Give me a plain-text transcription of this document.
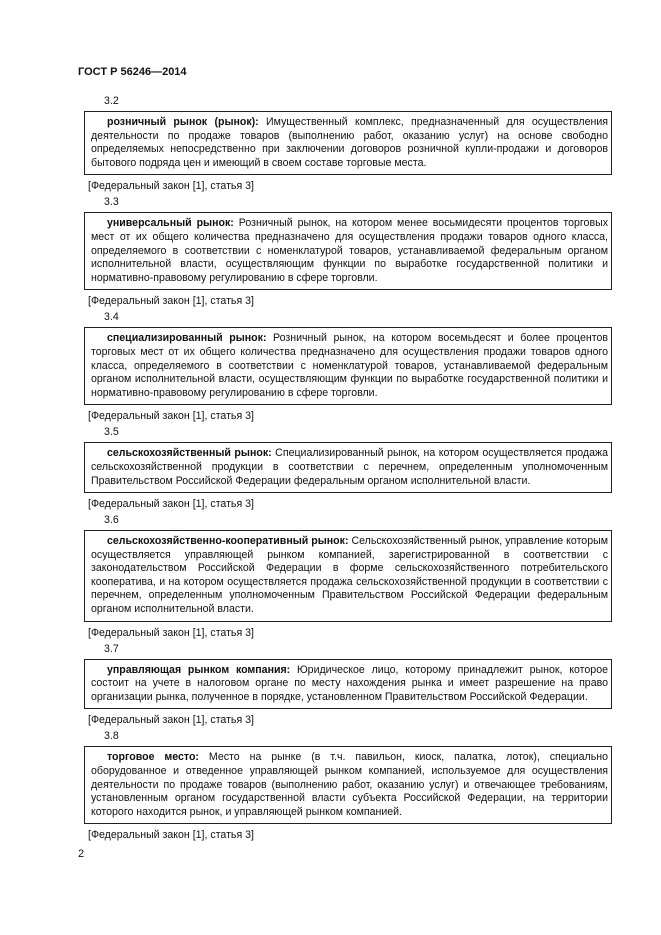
ГОСТ Р 56246—2014
3.2
розничный рынок (рынок): Имущественный комплекс, предназначенный для осуществления деятельности по продаже товаров (выполнению работ, оказанию услуг) на основе свободно определяемых непосредственно при заключении договоров розничной купли-продажи и договоров бытового подряда цен и имеющий в своем составе торговые места.
[Федеральный закон [1], статья 3]
3.3
универсальный рынок: Розничный рынок, на котором менее восьмидесяти процентов торговых мест от их общего количества предназначено для осуществления продажи товаров одного класса, определяемого в соответствии с номенклатурой товаров, устанавливаемой федеральным органом исполнительной власти, осуществляющим функции по выработке государственной политики и нормативно-правовому регулированию в сфере торговли.
[Федеральный закон [1], статья 3]
3.4
специализированный рынок: Розничный рынок, на котором восемьдесят и более процентов торговых мест от их общего количества предназначено для осуществления продажи товаров одного класса, определяемого в соответствии с номенклатурой товаров, устанавливаемой федеральным органом исполнительной власти, осуществляющим функции по выработке государственной политики и нормативно-правовому регулированию в сфере торговли.
[Федеральный закон [1], статья 3]
3.5
сельскохозяйственный рынок: Специализированный рынок, на котором осуществляется продажа сельскохозяйственной продукции в соответствии с перечнем, определенным уполномоченным Правительством Российской Федерации федеральным органом исполнительной власти.
[Федеральный закон [1], статья 3]
3.6
сельскохозяйственно-кооперативный рынок: Сельскохозяйственный рынок, управление которым осуществляется управляющей рынком компанией, зарегистрированной в соответствии с законодательством Российской Федерации в форме сельскохозяйственного потребительского кооператива, и на котором осуществляется продажа сельскохозяйственной продукции в соответствии с перечнем, определенным уполномоченным Правительством Российской Федерации федеральным органом исполнительной власти.
[Федеральный закон [1], статья 3]
3.7
управляющая рынком компания: Юридическое лицо, которому принадлежит рынок, которое состоит на учете в налоговом органе по месту нахождения рынка и имеет разрешение на право организации рынка, полученное в порядке, установленном Правительством Российской Федерации.
[Федеральный закон [1], статья 3]
3.8
торговое место: Место на рынке (в т.ч. павильон, киоск, палатка, лоток), специально оборудованное и отведенное управляющей рынком компанией, используемое для осуществления деятельности по продаже товаров (выполнению работ, оказанию услуг) и отвечающее требованиям, установленным органом государственной власти субъекта Российской Федерации, на территории которого находится рынок, и управляющей рынком компанией.
[Федеральный закон [1], статья 3]
2
